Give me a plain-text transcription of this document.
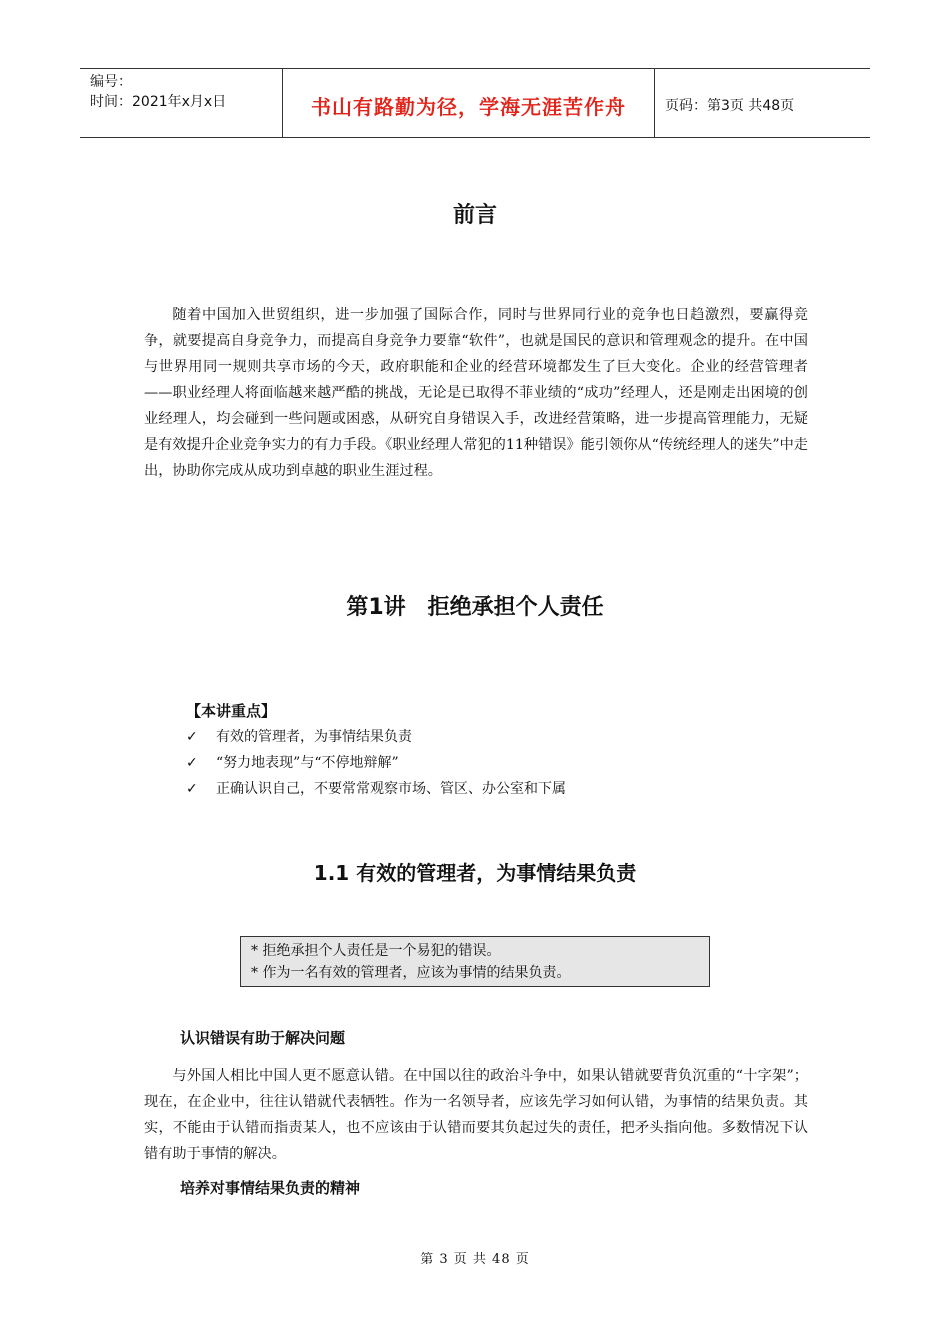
编号：
时间：2021年x月x日	书山有路勤为径，学海无涯苦作舟	页码：第3页 共48页
前言

随着中国加入世贸组织，进一步加强了国际合作，同时与世界同行业的竞争也日趋激烈，要赢得竞争，就要提高自身竞争力，而提高自身竞争力要靠“软件”，也就是国民的意识和管理观念的提升。在中国与世界用同一规则共享市场的今天，政府职能和企业的经营环境都发生了巨大变化。企业的经营管理者——职业经理人将面临越来越严酷的挑战，无论是已取得不菲业绩的“成功”经理人，还是刚走出困境的创业经理人，均会碰到一些问题或困惑，从研究自身错误入手，改进经营策略，进一步提高管理能力，无疑是有效提升企业竞争实力的有力手段。《职业经理人常犯的11种错误》能引领你从“传统经理人的迷失”中走出，协助你完成从成功到卓越的职业生涯过程。

第1讲　拒绝承担个人责任
【本讲重点】
✓	有效的管理者，为事情结果负责
✓	“努力地表现”与“不停地辩解”
✓	正确认识自己，不要常常观察市场、管区、办公室和下属
1.1 有效的管理者，为事情结果负责
* 拒绝承担个人责任是一个易犯的错误。
* 作为一名有效的管理者，应该为事情的结果负责。
认识错误有助于解决问题

与外国人相比中国人更不愿意认错。在中国以往的政治斗争中，如果认错就要背负沉重的“十字架”；现在，在企业中，往往认错就代表牺牲。作为一名领导者，应该先学习如何认错，为事情的结果负责。其实，不能由于认错而指责某人，也不应该由于认错而要其负起过失的责任，把矛头指向他。多数情况下认错有助于事情的解决。

培养对事情结果负责的精神
第 3 页 共 48 页
